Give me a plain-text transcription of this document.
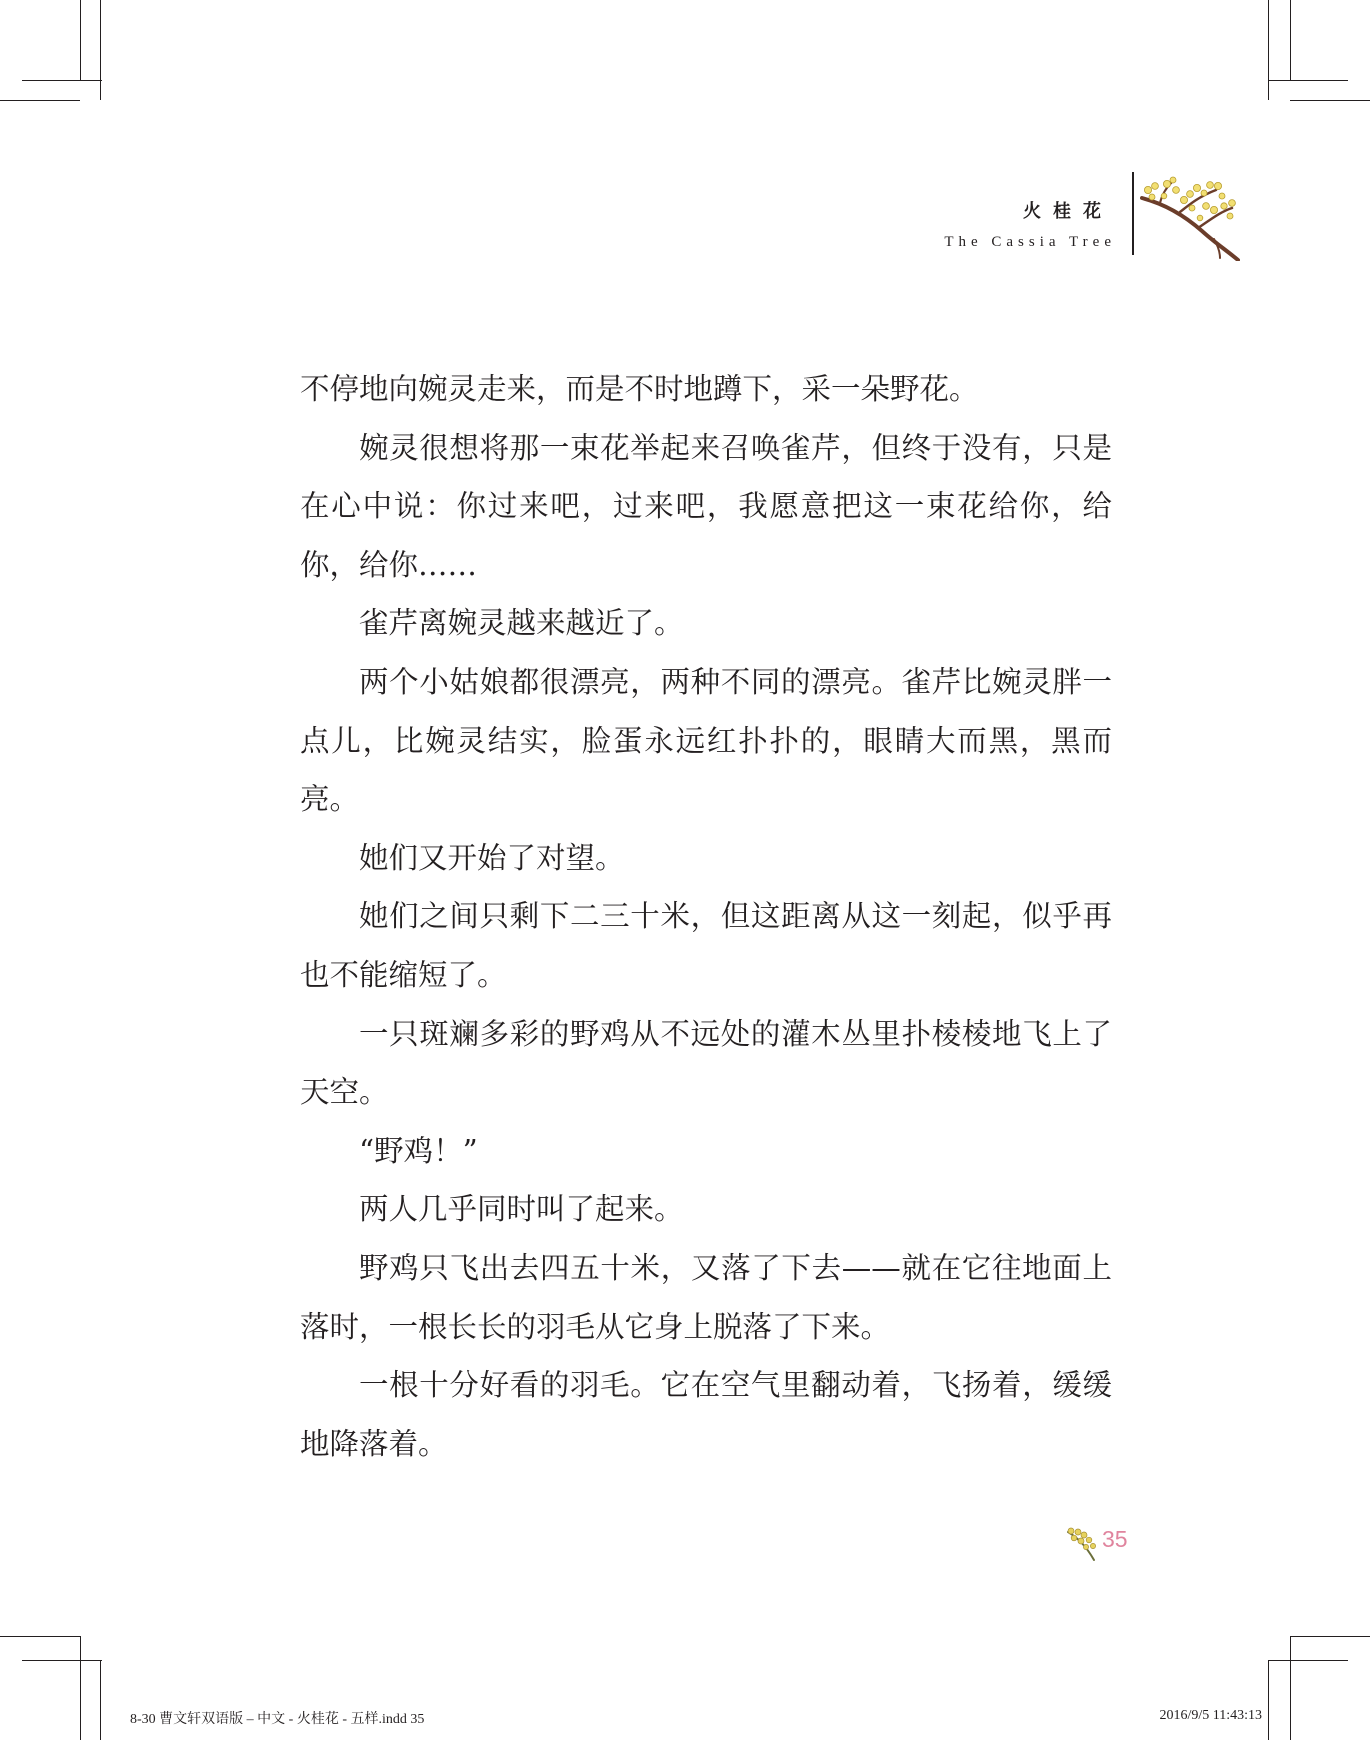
火桂花
The Cassia Tree

不停地向婉灵走来，而是不时地蹲下，采一朵野花。

婉灵很想将那一束花举起来召唤雀芹，但终于没有，只是在心中说：你过来吧，过来吧，我愿意把这一束花给你，给你，给你……

雀芹离婉灵越来越近了。

两个小姑娘都很漂亮，两种不同的漂亮。雀芹比婉灵胖一点儿，比婉灵结实，脸蛋永远红扑扑的，眼睛大而黑，黑而亮。

她们又开始了对望。

她们之间只剩下二三十米，但这距离从这一刻起，似乎再也不能缩短了。

一只斑斓多彩的野鸡从不远处的灌木丛里扑棱棱地飞上了天空。

“野鸡！”

两人几乎同时叫了起来。

野鸡只飞出去四五十米，又落了下去——就在它往地面上落时，一根长长的羽毛从它身上脱落了下来。

一根十分好看的羽毛。它在空气里翻动着，飞扬着，缓缓地降落着。

35
8-30 曹文轩双语版 – 中文 - 火桂花 - 五样.indd 35	2016/9/5 11:43:13
